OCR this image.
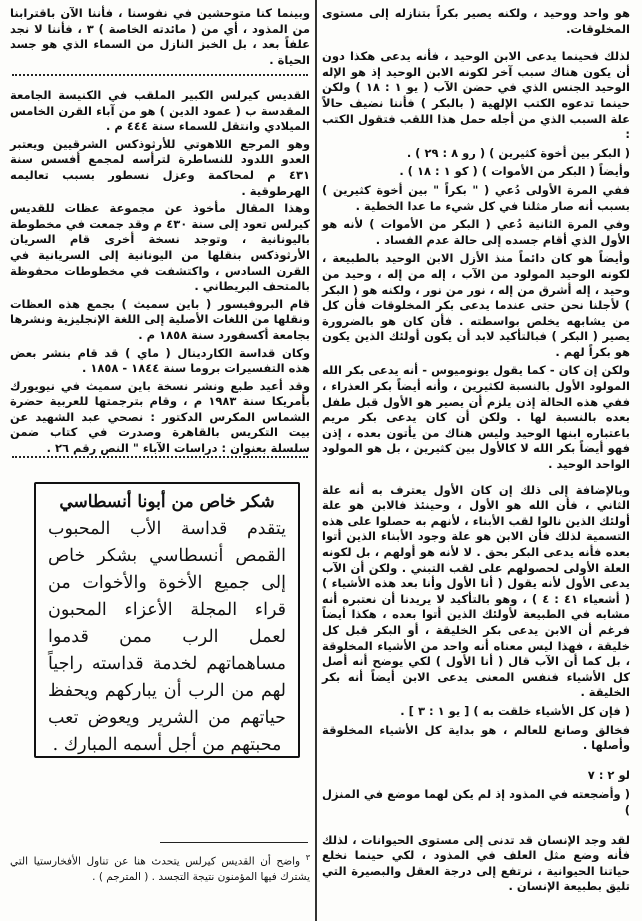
هو واحد ووحيد ، ولكنه يصير بكراً بتنازله إلى مستوى المخلوقات.

لذلك فحينما يدعى الابن الوحيد ، فأنه يدعى هكذا دون أن يكون هناك سبب آخر لكونه الابن الوحيد إذ هو الإله الوحيد الجنس الذي في حضن الآب ( يو ١ : ١٨ ) ولكن حينما تدعوه الكتب الإلهية ( بالبكر ) فأننا نضيف حالاً علة السبب الذي من أجله حمل هذا اللقب فتقول الكتب :

( البكر بين أخوة كثيرين ) ( رو ٨ : ٢٩ ) .

وأيضاً ( البكر من الأموات ) ( كو ١ : ١٨ ) .

ففي المرة الأولى دُعي ( " بكراً " بين أخوة كثيرين ) بسبب أنه صار مثلنا في كل شيء ما عدا الخطية .

وفي المرة الثانية دُعي ( البكر من الأموات ) لأنه هو الأول الذي أقام جسده إلى حالة عدم الفساد .

وأيضاً هو كان دائماً منذ الأزل الابن الوحيد بالطبيعة ، لكونه الوحيد المولود من الآب ، إله من إله ، وحيد من وحيد ، إله أشرق من إله ، نور من نور ، ولكنه هو ( البكر ) لأجلنا نحن حتى عندما يدعى بكر المخلوقات فأن كل من يشابهه يخلص بواسطته . فأن كان هو بالضرورة يصير ( البكر ) فبالتأكيد لابد أن يكون أولئك الذين يكون هو بكراً لهم .

ولكن إن كان - كما يقول يونوميوس - أنه يدعى بكر الله المولود الأول بالنسبة لكثيرين ، وأنه أيضاً بكر العذراء ، ففي هذه الحالة إذن يلزم أن يصير هو الأول قبل طفل بعده بالنسبة لها . ولكن أن كان يدعى بكر مريم باعتباره ابنها الوحيد وليس هناك من يأتون بعده ، إذن فهو أيضاً بكر الله لا كالأول بين كثيرين ، بل هو المولود الواحد الوحيد .

وبالإضافة إلى ذلك إن كان الأول يعترف به أنه علة الثاني ، فأن الله هو الأول ، وحينئذ فالابن هو علة أولئك الذين نالوا لقب الأبناء ، لأنهم به حصلوا على هذه التسمية لذلك فأن الابن هو علة وجود الأبناء الذين أتوا بعده فأنه يدعى البكر بحق . لا لأنه هو أولهم ، بل لكونه العلة الأولى لحصولهم على لقب التبني . ولكن أن الآب يدعى الأول لأنه يقول ( أنا الأول وأنا بعد هذه الأشياء ) ( أشعياء ٤١ : ٤ ) ، وهو بالتأكيد لا يريدنا أن نعتبره أنه مشابه في الطبيعة لأولئك الذين أتوا بعده ، هكذا أيضاً فرغم أن الابن يدعى بكر الخليقة ، أو البكر قبل كل خليقة ، فهذا ليس معناه أنه واحد من الأشياء المخلوقة ، بل كما أن الآب قال ( أنا الأول ) لكي يوضح أنه أصل كل الأشياء فنفس المعنى يدعى الابن أيضاً أنه بكر الخليقة .

( فإن كل الأشياء خلقت به ) [ يو ١ : ٣ ] .

فخالق وصانع للعالم ، هو بداية كل الأشياء المخلوقة وأصلها .

لو ٢ : ٧

( وأضجعته في المذود إذ لم يكن لهما موضع في المنزل )

لقد وجد الإنسان قد تدنى إلى مستوى الحيوانات ، لذلك فأنه وضع مثل العلف في المذود ، لكي حينما نخلع حياتنا الحيوانية ، نرتفع إلى درجة العقل والبصيرة التي تليق بطبيعة الإنسان .

وبينما كنا متوحشين في نفوسنا ، فأننا الآن باقترابنا من المذود ، أي من ( مائدته الخاصة ) ٣ ، فأننا لا نجد علفاً بعد ، بل الخبز النازل من السماء الذي هو جسد الحياة .

القديس كيرلس الكبير الملقب في الكنيسة الجامعة المقدسة ب ( عمود الدين ) هو من آباء القرن الخامس الميلادي وانتقل للسماء سنة ٤٤٤ م .

وهو المرجع اللاهوتي للأرثوذكس الشرقيين ويعتبر العدو اللدود للنساطرة لترأسه لمجمع أفسس سنة ٤٣١ م لمحاكمة وعزل نسطور بسبب تعاليمه الهرطوقية .

وهذا المقال مأخوذ عن مجموعة عظات للقديس كيرلس تعود إلى سنة ٤٣٠ م وقد جمعت في مخطوطة باليونانية ، وتوجد نسخة أخرى قام السريان الأرثوذكس بنقلها من اليونانية إلى السريانية في القرن السادس ، واكتشفت في مخطوطات محفوظة بالمتحف البريطاني .

قام البروفيسور ( باين سميث ) بجمع هذه العظات ونقلها من اللغات الأصلية إلى اللغة الإنجليزية ونشرها بجامعة أكسفورد سنة ١٨٥٨ م .

وكان قداسة الكاردينال ( ماي ) قد قام بنشر بعض هذه التفسيرات بروما سنة ١٨٤٤ - ١٨٥٨ .

وقد أعيد طبع ونشر نسخة باين سميث في نيويورك بأمريكا سنة ١٩٨٣ م ، وقام بترجمتها للعربية حضرة الشماس المكرس الدكتور : نصحي عبد الشهيد عن بيت التكريس بالقاهرة وصدرت في كتاب ضمن سلسلة بعنوان : دراسات الآباء " النص رقم ٢٦ .

شكر خاص من أبونا أنسطاسي
يتقدم قداسة الأب المحبوب القمص أنسطاسي بشكر خاص إلى جميع الأخوة والأخوات من قراء المجلة الأعزاء المحبون لعمل الرب ممن قدموا مساهماتهم لخدمة قداسته راجياً لهم من الرب أن يباركهم ويحفظ حياتهم من الشرير ويعوض تعب محبتهم من أجل أسمه المبارك .
$^٣$ واضح أن القديس كيرلس يتحدث هنا عن تناول الأفخارستيا التي يشترك فيها المؤمنون نتيجة التجسد . ( المترجم ) .
